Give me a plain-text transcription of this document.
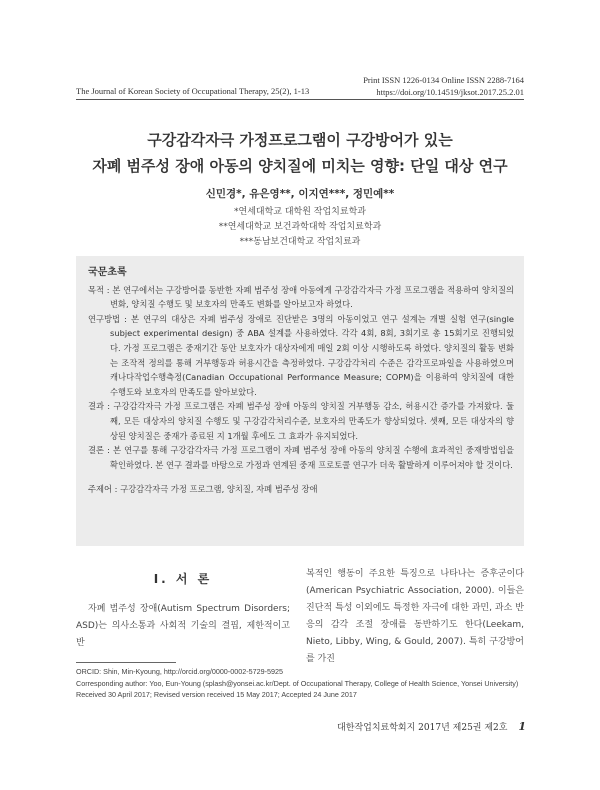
The Journal of Korean Society of Occupational Therapy, 25(2), 1-13
Print ISSN 1226-0134 Online ISSN 2288-7164
https://doi.org/10.14519/jksot.2017.25.2.01
구강감각자극 가정프로그램이 구강방어가 있는
자폐 범주성 장애 아동의 양치질에 미치는 영향: 단일 대상 연구
신민경*, 유은영**, 이지연***, 정민예**
*연세대학교 대학원 작업치료학과
**연세대학교 보건과학대학 작업치료학과
***동남보건대학교 작업치료과
국문초록
목적 : 본 연구에서는 구강방어를 동반한 자폐 범주성 장애 아동에게 구강감각자극 가정 프로그램을 적용하여 양치질의 변화, 양치질 수행도 및 보호자의 만족도 변화를 알아보고자 하였다.
연구방법 : 본 연구의 대상은 자폐 범주성 장애로 진단받은 3명의 아동이었고 연구 설계는 개별 실험 연구(single subject experimental design) 중 ABA 설계를 사용하였다. 각각 4회, 8회, 3회기로 총 15회기로 진행되었다. 가정 프로그램은 중재기간 동안 보호자가 대상자에게 매일 2회 이상 시행하도록 하였다. 양치질의 활동 변화는 조작적 정의를 통해 거부행동과 허용시간을 측정하였다. 구강감각처리 수준은 감각프로파일을 사용하였으며 캐나다작업수행측정(Canadian Occupational Performance Measure; COPM)을 이용하여 양치질에 대한 수행도와 보호자의 만족도를 알아보았다.
결과 : 구강감각자극 가정 프로그램은 자폐 범주성 장애 아동의 양치질 거부행동 감소, 허용시간 증가를 가져왔다. 둘째, 모든 대상자의 양치질 수행도 및 구강감각처리수준, 보호자의 만족도가 향상되었다. 셋째, 모든 대상자의 향상된 양치질은 중재가 종료된 지 1개월 후에도 그 효과가 유지되었다.
결론 : 본 연구를 통해 구강감각자극 가정 프로그램이 자폐 범주성 장애 아동의 양치질 수행에 효과적인 중재방법임을 확인하였다. 본 연구 결과를 바탕으로 가정과 연계된 중재 프로토콜 연구가 더욱 활발하게 이루어져야 할 것이다.
주제어 : 구강감각자극 가정 프로그램, 양치질, 자폐 범주성 장애
Ⅰ. 서 론
자폐 범주성 장애(Autism Spectrum Disorders; ASD)는 의사소통과 사회적 기술의 결핍, 제한적이고 반
복적인 행동이 주요한 특징으로 나타나는 증후군이다(American Psychiatric Association, 2000). 이들은 진단적 특성 이외에도 특정한 자극에 대한 과민, 과소 반응의 감각 조절 장애를 동반하기도 한다(Leekam, Nieto, Libby, Wing, & Gould, 2007). 특히 구강방어를 가진
ORCID: Shin, Min-Kyoung, http://orcid.org/0000-0002-5729-5925
Corresponding author: Yoo, Eun-Young (splash@yonsei.ac.kr/Dept. of Occupational Therapy, College of Health Science, Yonsei University)
Received 30 April 2017; Revised version received 15 May 2017; Accepted 24 June 2017
대한작업치료학회지 2017년 제25권 제2호 1
